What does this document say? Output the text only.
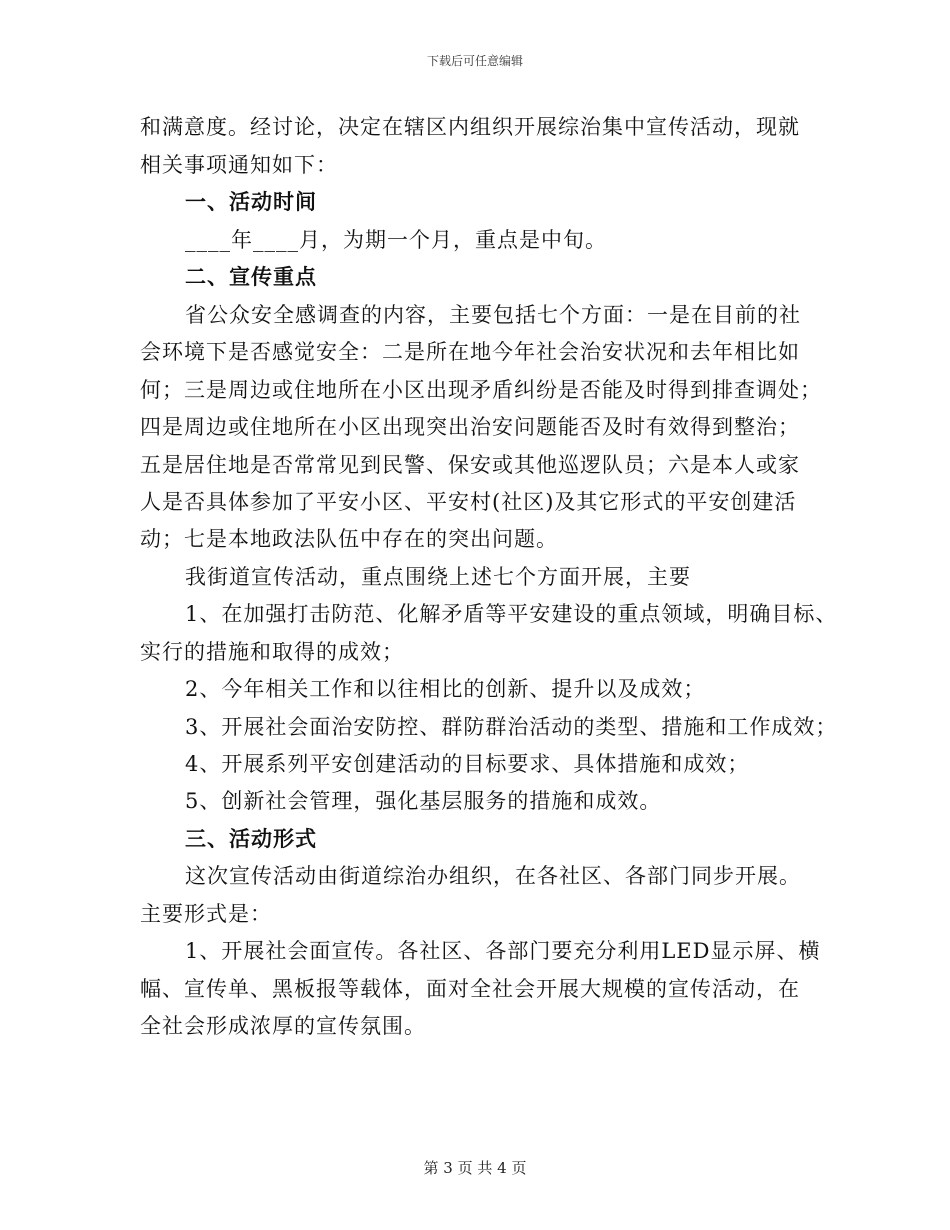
下载后可任意编辑
和满意度。经讨论，决定在辖区内组织开展综治集中宣传活动，现就
相关事项通知如下：
一、活动时间
____年____月，为期一个月，重点是中旬。
二、宣传重点
省公众安全感调查的内容，主要包括七个方面：一是在目前的社
会环境下是否感觉安全：二是所在地今年社会治安状况和去年相比如
何；三是周边或住地所在小区出现矛盾纠纷是否能及时得到排查调处；
四是周边或住地所在小区出现突出治安问题能否及时有效得到整治；
五是居住地是否常常见到民警、保安或其他巡逻队员；六是本人或家
人是否具体参加了平安小区、平安村(社区)及其它形式的平安创建活
动；七是本地政法队伍中存在的突出问题。
我街道宣传活动，重点围绕上述七个方面开展，主要
1、在加强打击防范、化解矛盾等平安建设的重点领域，明确目标、
实行的措施和取得的成效；
2、今年相关工作和以往相比的创新、提升以及成效；
3、开展社会面治安防控、群防群治活动的类型、措施和工作成效；
4、开展系列平安创建活动的目标要求、具体措施和成效；
5、创新社会管理，强化基层服务的措施和成效。
三、活动形式
这次宣传活动由街道综治办组织，在各社区、各部门同步开展。
主要形式是：
1、开展社会面宣传。各社区、各部门要充分利用LED显示屏、横
幅、宣传单、黑板报等载体，面对全社会开展大规模的宣传活动，在
全社会形成浓厚的宣传氛围。
第 3 页 共 4 页
